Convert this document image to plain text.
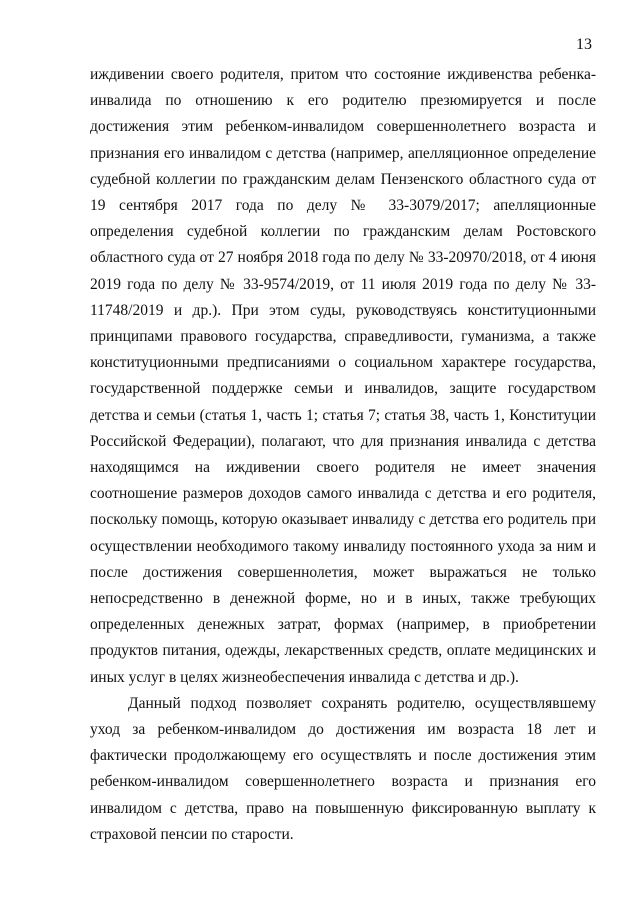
13

иждивении своего родителя, притом что состояние иждивенства ребенка-инвалида по отношению к его родителю презюмируется и после достижения этим ребенком-инвалидом совершеннолетнего возраста и признания его инвалидом с детства (например, апелляционное определение судебной коллегии по гражданским делам Пензенского областного суда от 19 сентября 2017 года по делу № 33-3079/2017; апелляционные определения судебной коллегии по гражданским делам Ростовского областного суда от 27 ноября 2018 года по делу № 33-20970/2018, от 4 июня 2019 года по делу № 33-9574/2019, от 11 июля 2019 года по делу № 33-11748/2019 и др.). При этом суды, руководствуясь конституционными принципами правового государства, справедливости, гуманизма, а также конституционными предписаниями о социальном характере государства, государственной поддержке семьи и инвалидов, защите государством детства и семьи (статья 1, часть 1; статья 7; статья 38, часть 1, Конституции Российской Федерации), полагают, что для признания инвалида с детства находящимся на иждивении своего родителя не имеет значения соотношение размеров доходов самого инвалида с детства и его родителя, поскольку помощь, которую оказывает инвалиду с детства его родитель при осуществлении необходимого такому инвалиду постоянного ухода за ним и после достижения совершеннолетия, может выражаться не только непосредственно в денежной форме, но и в иных, также требующих определенных денежных затрат, формах (например, в приобретении продуктов питания, одежды, лекарственных средств, оплате медицинских и иных услуг в целях жизнеобеспечения инвалида с детства и др.).

Данный подход позволяет сохранять родителю, осуществлявшему уход за ребенком-инвалидом до достижения им возраста 18 лет и фактически продолжающему его осуществлять и после достижения этим ребенком-инвалидом совершеннолетнего возраста и признания его инвалидом с детства, право на повышенную фиксированную выплату к страховой пенсии по старости.
